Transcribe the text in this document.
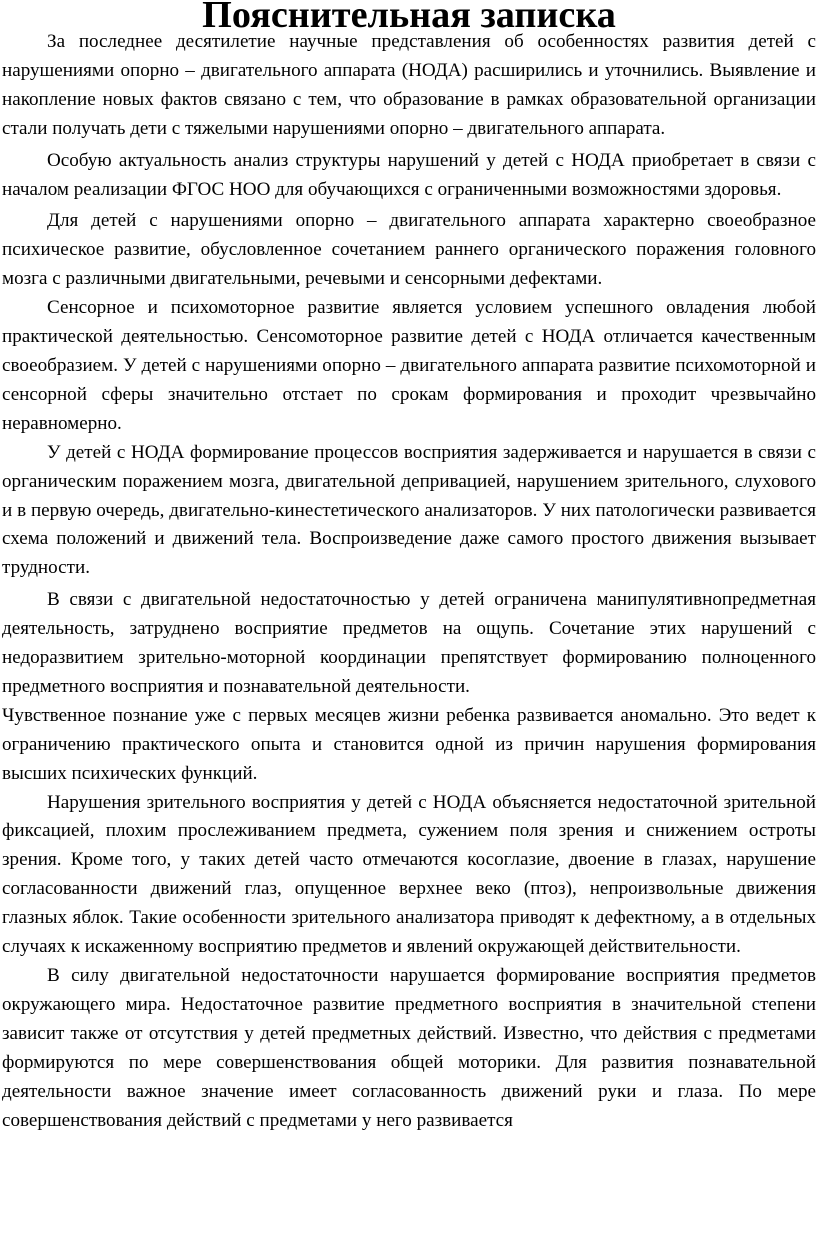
Пояснительная записка

За последнее десятилетие научные представления об особенностях развития детей с нарушениями опорно – двигательного аппарата (НОДА) расширились и уточнились. Выявление и накопление новых фактов связано с тем, что образование в рамках образовательной организации стали получать дети с тяжелыми нарушениями опорно – двигательного аппарата.

Особую актуальность анализ структуры нарушений у детей с НОДА приобретает в связи с началом реализации ФГОС НОО для обучающихся с ограниченными возможностями здоровья.

Для детей с нарушениями опорно – двигательного аппарата характерно своеобразное психическое развитие, обусловленное сочетанием раннего органического поражения головного мозга с различными двигательными, речевыми и сенсорными дефектами.

Сенсорное и психомоторное развитие является условием успешного овладения любой практической деятельностью. Сенсомоторное развитие детей с НОДА отличается качественным своеобразием. У детей с нарушениями опорно – двигательного аппарата развитие психомоторной и сенсорной сферы значительно отстает по срокам формирования и проходит чрезвычайно неравномерно.

У детей с НОДА формирование процессов восприятия задерживается и нарушается в связи с органическим поражением мозга, двигательной депривацией, нарушением зрительного, слухового и в первую очередь, двигательно-кинестетического анализаторов. У них патологически развивается схема положений и движений тела. Воспроизведение даже самого простого движения вызывает трудности.

В связи с двигательной недостаточностью у детей ограничена манипулятивнопредметная деятельность, затруднено восприятие предметов на ощупь. Сочетание этих нарушений с недоразвитием зрительно-моторной координации препятствует формированию полноценного предметного восприятия и познавательной деятельности.

Чувственное познание уже с первых месяцев жизни ребенка развивается аномально. Это ведет к ограничению практического опыта и становится одной из причин нарушения формирования высших психических функций.

Нарушения зрительного восприятия у детей с НОДА объясняется недостаточной зрительной фиксацией, плохим прослеживанием предмета, сужением поля зрения и снижением остроты зрения. Кроме того, у таких детей часто отмечаются косоглазие, двоение в глазах, нарушение согласованности движений глаз, опущенное верхнее веко (птоз), непроизвольные движения глазных яблок. Такие особенности зрительного анализатора приводят к дефектному, а в отдельных случаях к искаженному восприятию предметов и явлений окружающей действительности.

В силу двигательной недостаточности нарушается формирование восприятия предметов окружающего мира. Недостаточное развитие предметного восприятия в значительной степени зависит также от отсутствия у детей предметных действий. Известно, что действия с предметами формируются по мере совершенствования общей моторики. Для развития познавательной деятельности важное значение имеет согласованность движений руки и глаза. По мере совершенствования действий с предметами у него развивается
